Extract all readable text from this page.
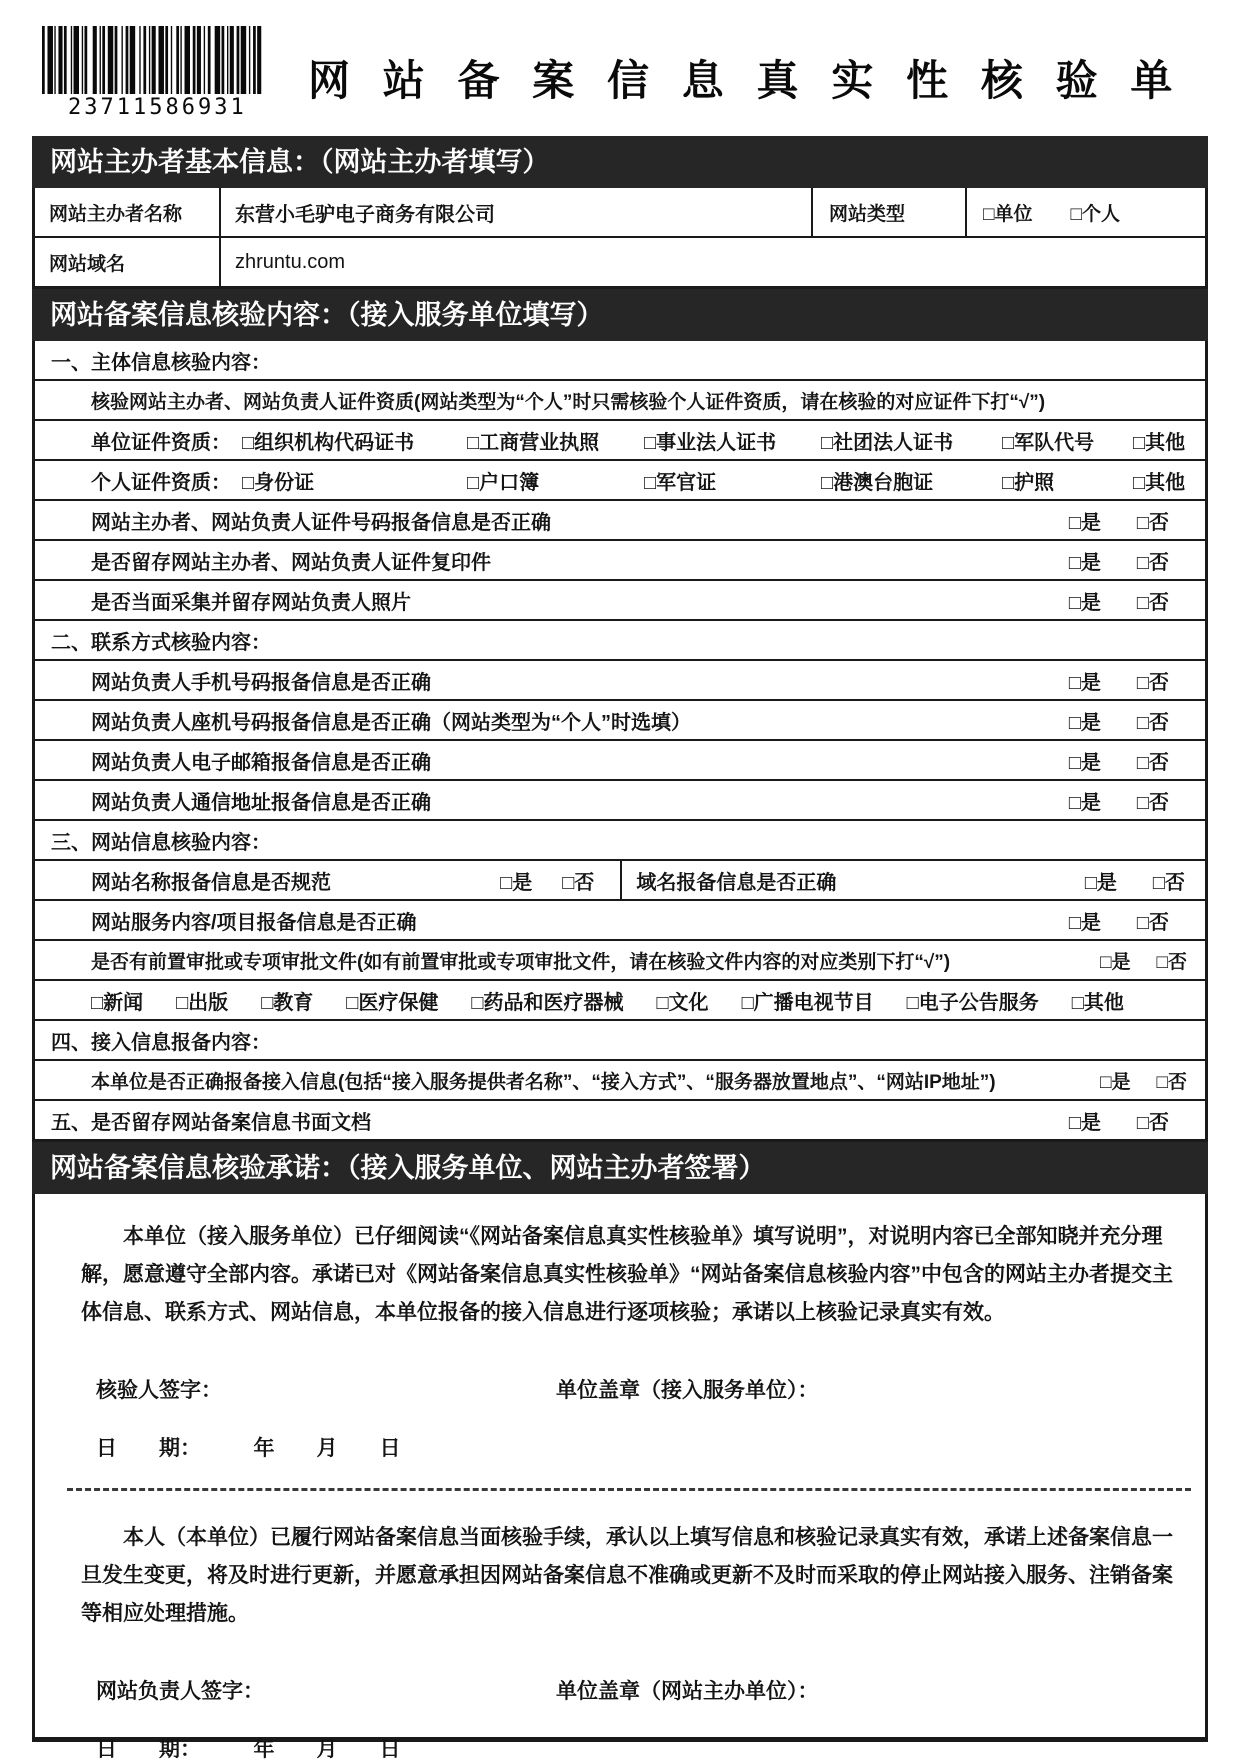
23711586931
网站备案信息真实性核验单
网站主办者基本信息：（网站主办者填写）
网站主办者名称	东营小毛驴电子商务有限公司	网站类型	□单位 □个人
网站域名	zhruntu.com
网站备案信息核验内容：（接入服务单位填写）
一、主体信息核验内容：
核验网站主办者、网站负责人证件资质(网站类型为“个人”时只需核验个人证件资质，请在核验的对应证件下打“√”)
单位证件资质： □组织机构代码证书	□工商营业执照	□事业法人证书	□社团法人证书	□军队代号	□其他
个人证件资质： □身份证	□户口簿	□军官证	□港澳台胞证	□护照	□其他
网站主办者、网站负责人证件号码报备信息是否正确	□是 □否
是否留存网站主办者、网站负责人证件复印件	□是 □否
是否当面采集并留存网站负责人照片	□是 □否
二、联系方式核验内容：
网站负责人手机号码报备信息是否正确	□是 □否
网站负责人座机号码报备信息是否正确（网站类型为“个人”时选填）	□是 □否
网站负责人电子邮箱报备信息是否正确	□是 □否
网站负责人通信地址报备信息是否正确	□是 □否
三、网站信息核验内容：
网站名称报备信息是否规范	□是 □否 域名报备信息是否正确	□是 □否
网站服务内容/项目报备信息是否正确	□是 □否
是否有前置审批或专项审批文件(如有前置审批或专项审批文件，请在核验文件内容的对应类别下打“√”)	□是 □否
□新闻 □出版 □教育 □医疗保健 □药品和医疗器械 □文化 □广播电视节目 □电子公告服务 □其他
四、接入信息报备内容：
本单位是否正确报备接入信息(包括“接入服务提供者名称”、“接入方式”、“服务器放置地点”、“网站IP地址”)	□是 □否
五、是否留存网站备案信息书面文档	□是 □否
网站备案信息核验承诺：（接入服务单位、网站主办者签署）

本单位（接入服务单位）已仔细阅读“《网站备案信息真实性核验单》填写说明”，对说明内容已全部知晓并充分理解，愿意遵守全部内容。承诺已对《网站备案信息真实性核验单》“网站备案信息核验内容”中包含的网站主办者提交主体信息、联系方式、网站信息，本单位报备的接入信息进行逐项核验；承诺以上核验记录真实有效。

核验人签字：	单位盖章（接入服务单位）：
日　　期：　　　年　　月　　日

本人（本单位）已履行网站备案信息当面核验手续，承认以上填写信息和核验记录真实有效，承诺上述备案信息一旦发生变更，将及时进行更新，并愿意承担因网站备案信息不准确或更新不及时而采取的停止网站接入服务、注销备案等相应处理措施。

网站负责人签字：	单位盖章（网站主办单位）：
日　　期：　　　年　　月　　日
